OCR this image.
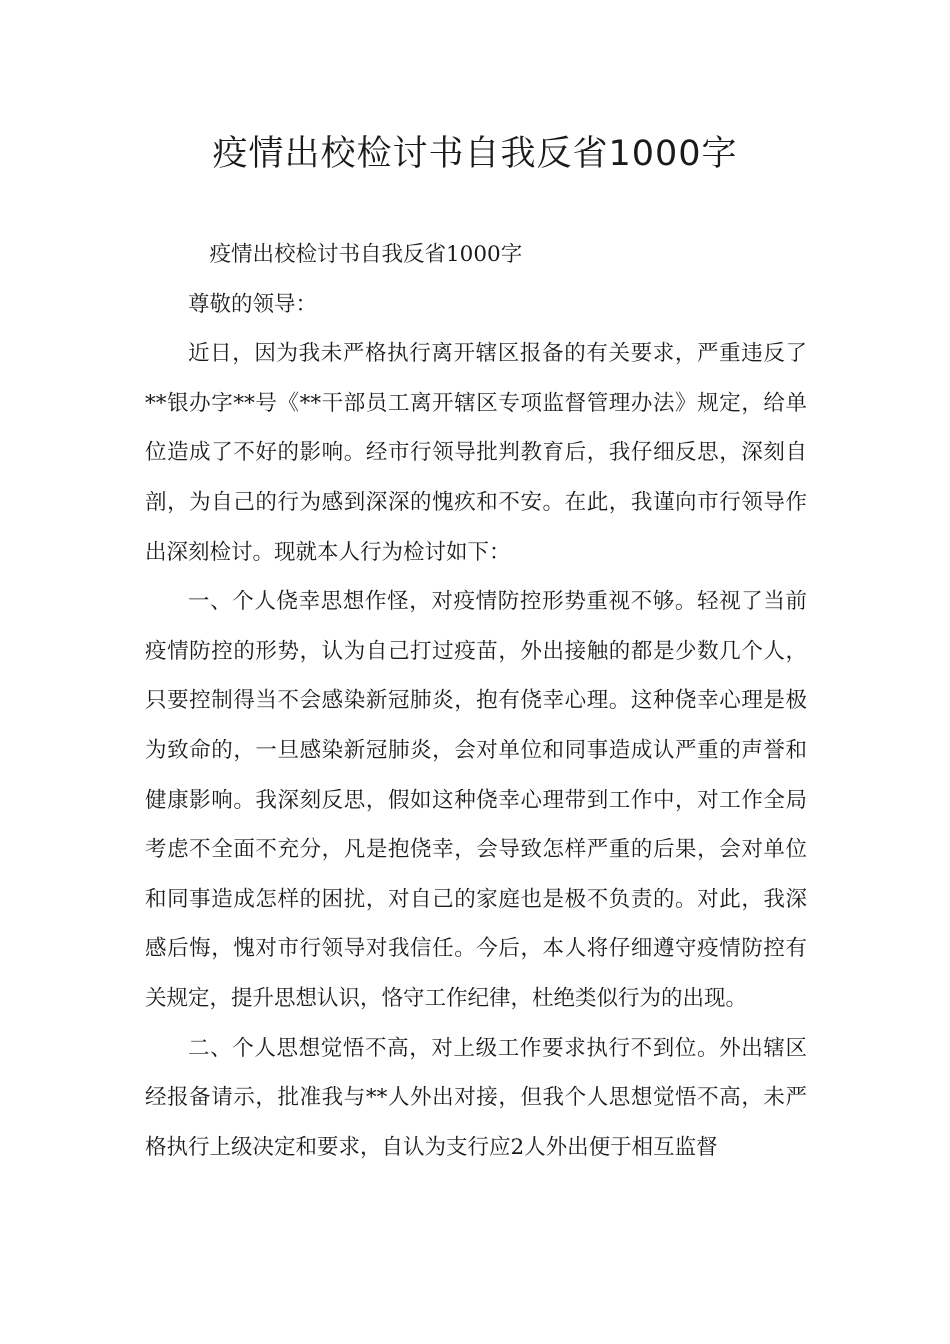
疫情出校检讨书自我反省1000字

疫情出校检讨书自我反省1000字

尊敬的领导：

近日，因为我未严格执行离开辖区报备的有关要求，严重违反了**银办字**号《**干部员工离开辖区专项监督管理办法》规定，给单位造成了不好的影响。经市行领导批判教育后，我仔细反思，深刻自剖，为自己的行为感到深深的愧疚和不安。在此，我谨向市行领导作出深刻检讨。现就本人行为检讨如下：

一、个人侥幸思想作怪，对疫情防控形势重视不够。轻视了当前疫情防控的形势，认为自己打过疫苗，外出接触的都是少数几个人，只要控制得当不会感染新冠肺炎，抱有侥幸心理。这种侥幸心理是极为致命的，一旦感染新冠肺炎，会对单位和同事造成认严重的声誉和健康影响。我深刻反思，假如这种侥幸心理带到工作中，对工作全局考虑不全面不充分，凡是抱侥幸，会导致怎样严重的后果，会对单位和同事造成怎样的困扰，对自己的家庭也是极不负责的。对此，我深感后悔，愧对市行领导对我信任。今后，本人将仔细遵守疫情防控有关规定，提升思想认识，恪守工作纪律，杜绝类似行为的出现。

二、个人思想觉悟不高，对上级工作要求执行不到位。外出辖区经报备请示，批准我与**人外出对接，但我个人思想觉悟不高，未严格执行上级决定和要求，自认为支行应2人外出便于相互监督
